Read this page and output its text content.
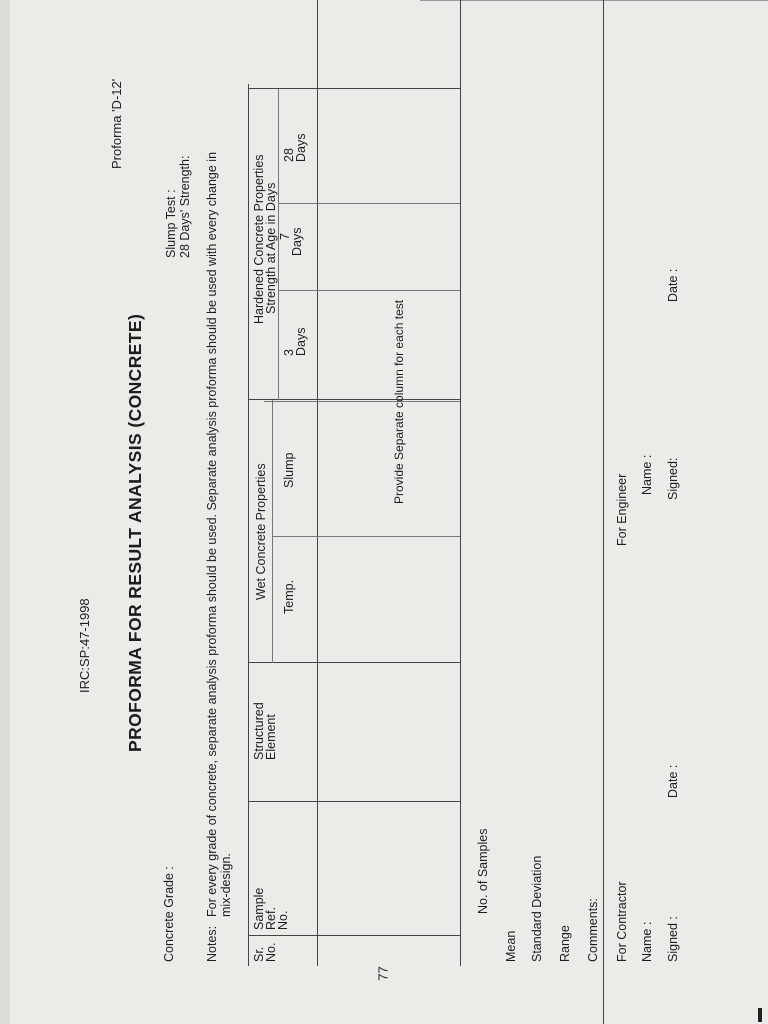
77
IRC:SP:47-1998
Proforma 'D-12'
PROFORMA FOR RESULT ANALYSIS (CONCRETE)
Concrete Grade :
Slump Test : 28 Days' Strength:
Notes:
For every grade of concrete, separate analysis proforma should be used. Separate analysis proforma should be used with every change in mix-design.
Sr.
No.
Sample
Ref.
No.
Structured
Element
Wet Concrete Properties Temp.
Slump
Hardened Concrete Properties
Strength at Age in Days
3
Days
7
Days
28
Days
Provide Separate column for each test
No. of Samples
Mean Standard Deviation Range Comments: For Contractor Name : Signed :
Date :
For Engineer Name : Signed:
Date :
